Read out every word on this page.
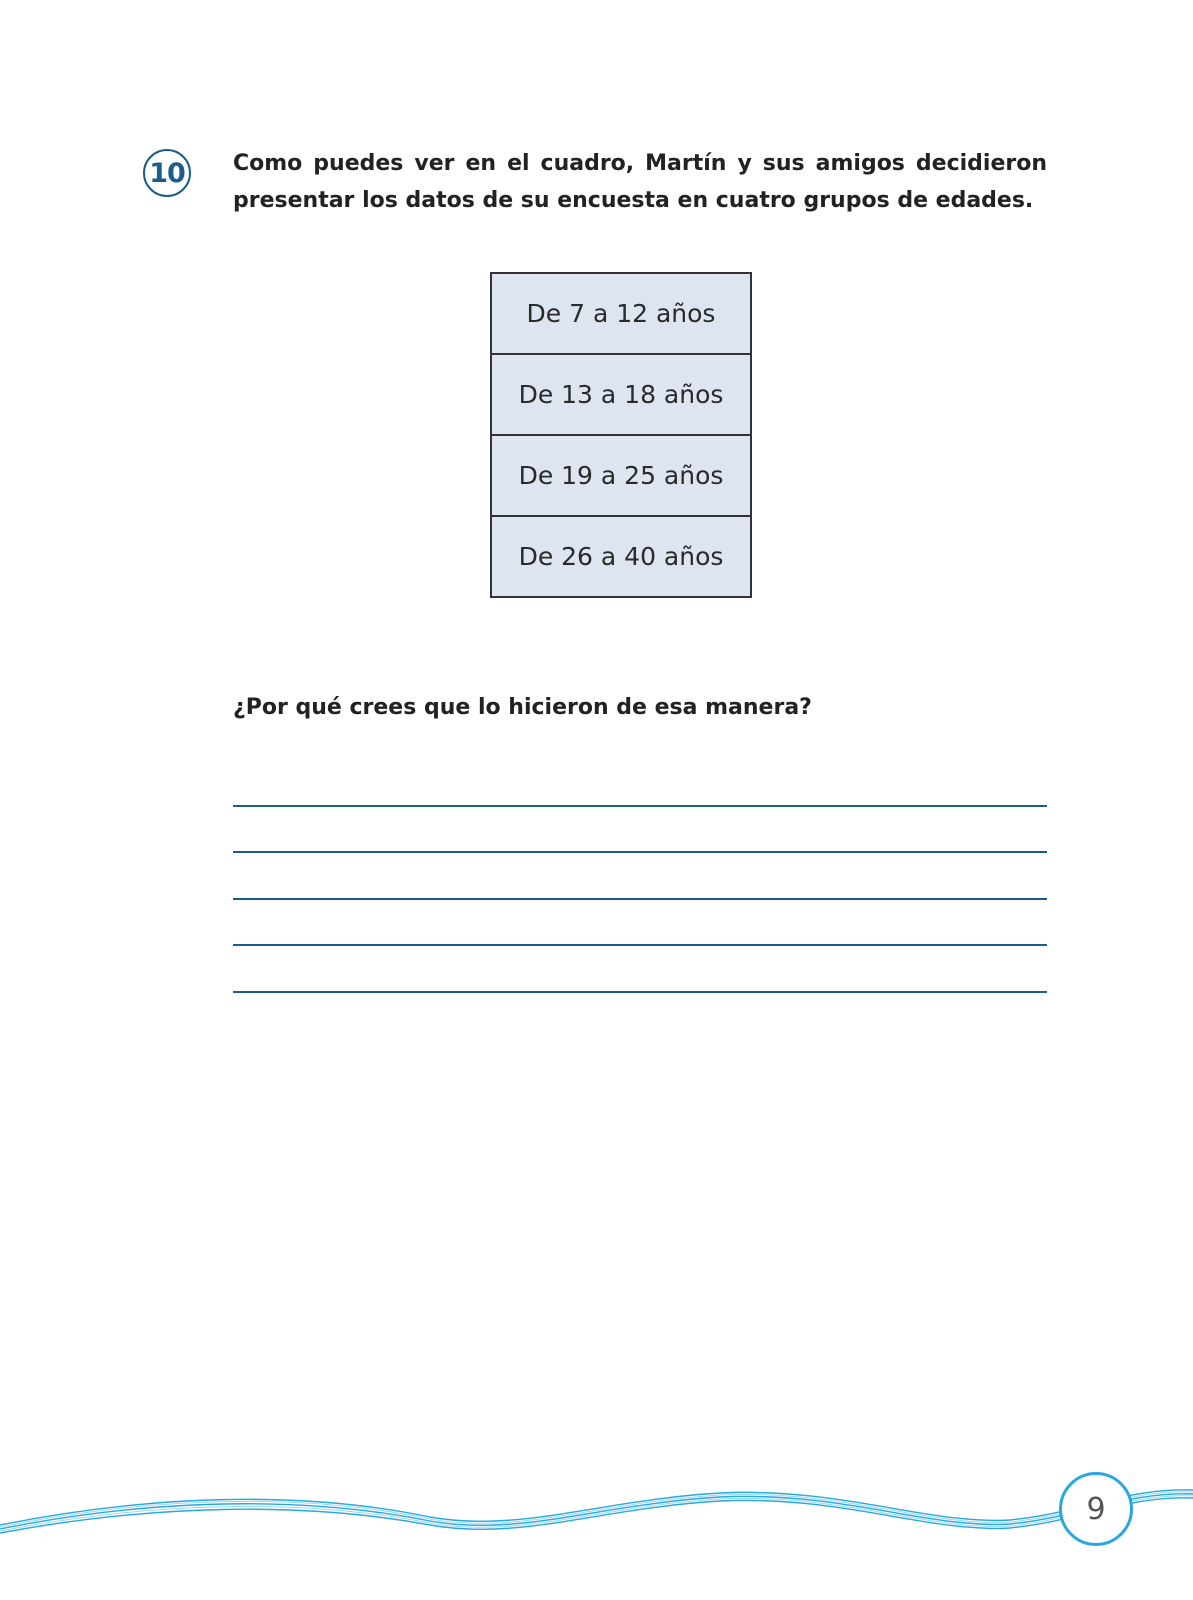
10 Como puedes ver en el cuadro, Martín y sus amigos decidieron presentar los datos de su encuesta en cuatro grupos de edades.

De 7 a 12 años
De 13 a 18 años
De 19 a 25 años
De 26 a 40 años

¿Por qué crees que lo hicieron de esa manera?

9
